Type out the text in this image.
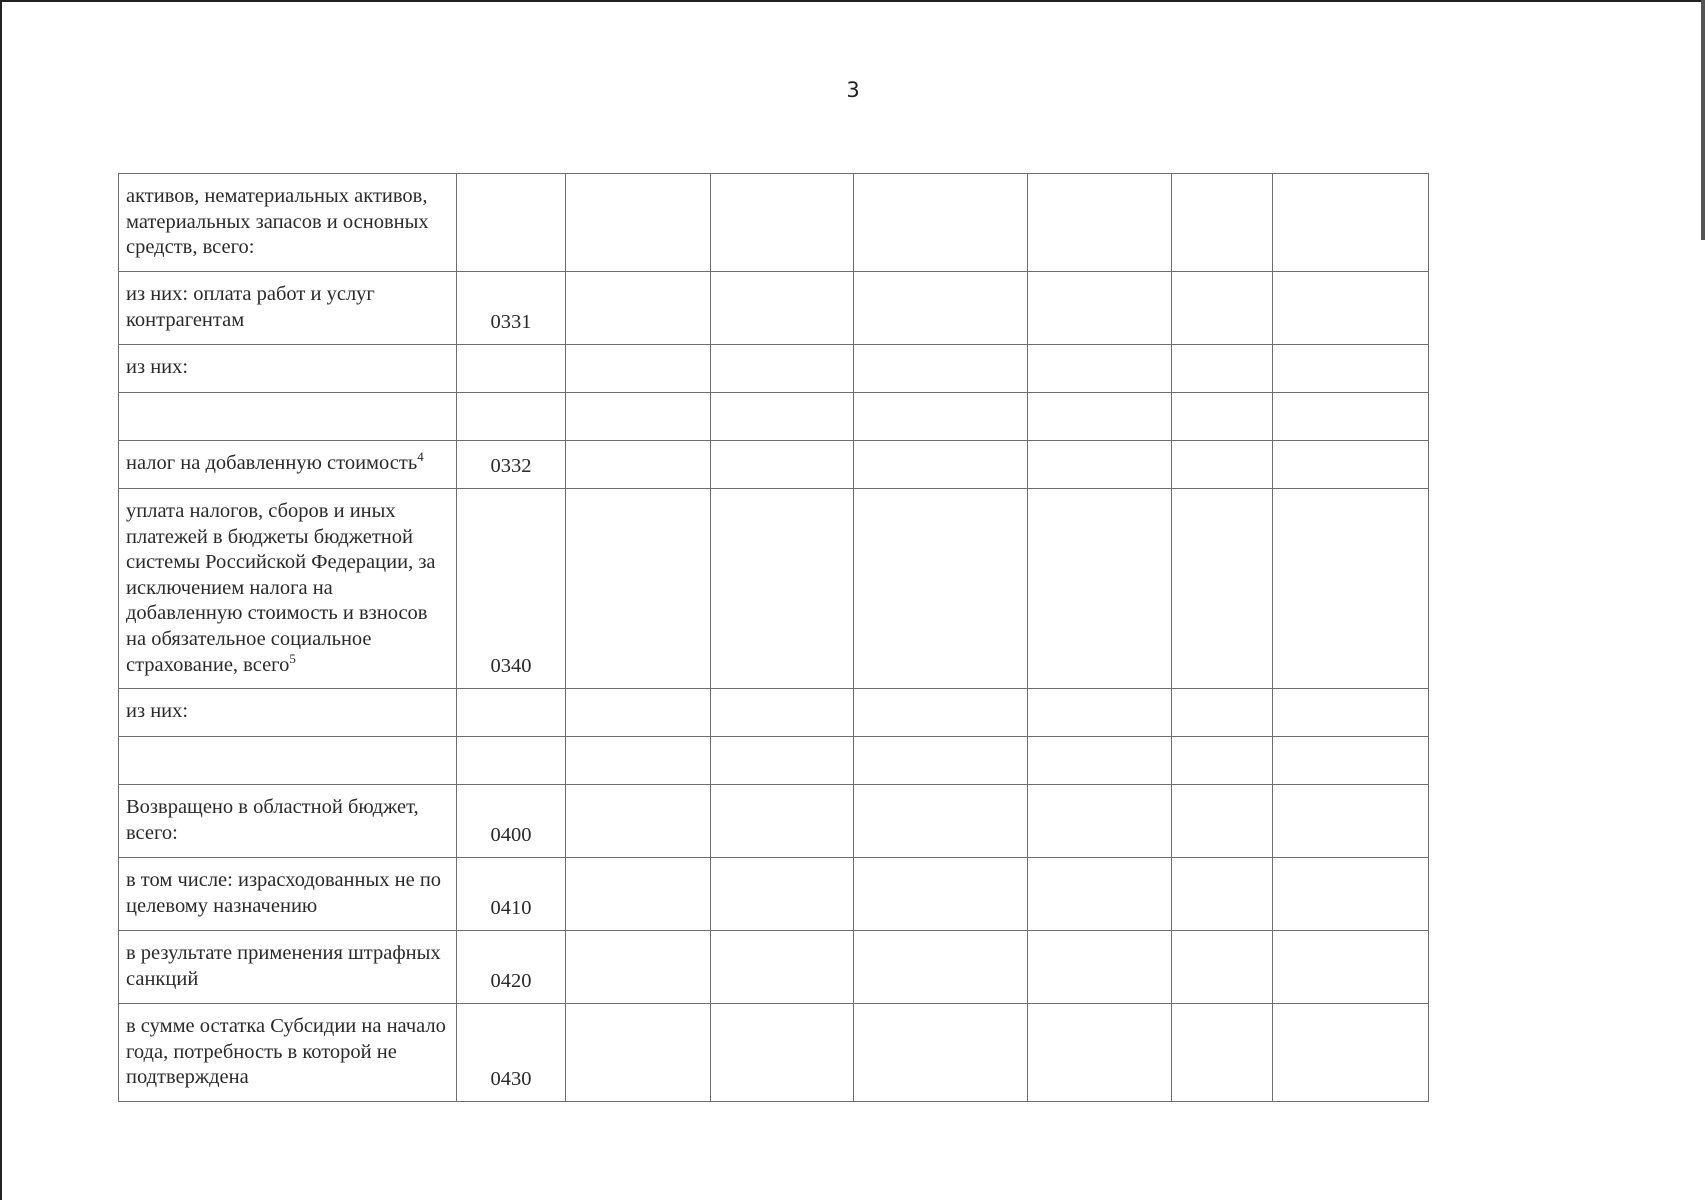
3
активов, нематериальных активов, материальных запасов и основных средств, всего:							
из них: оплата работ и услуг контрагентам	0331						
из них:							

налог на добавленную стоимость$^4$	0332						
уплата налогов, сборов и иных платежей в бюджеты бюджетной системы Российской Федерации, за исключением налога на добавленную стоимость и взносов на обязательное социальное страхование, всего$^5$	0340						
из них:							

Возвращено в областной бюджет, всего:	0400						
в том числе: израсходованных не по целевому назначению	0410						
в результате применения штрафных санкций	0420						
в сумме остатка Субсидии на начало года, потребность в которой не подтверждена	0430						
